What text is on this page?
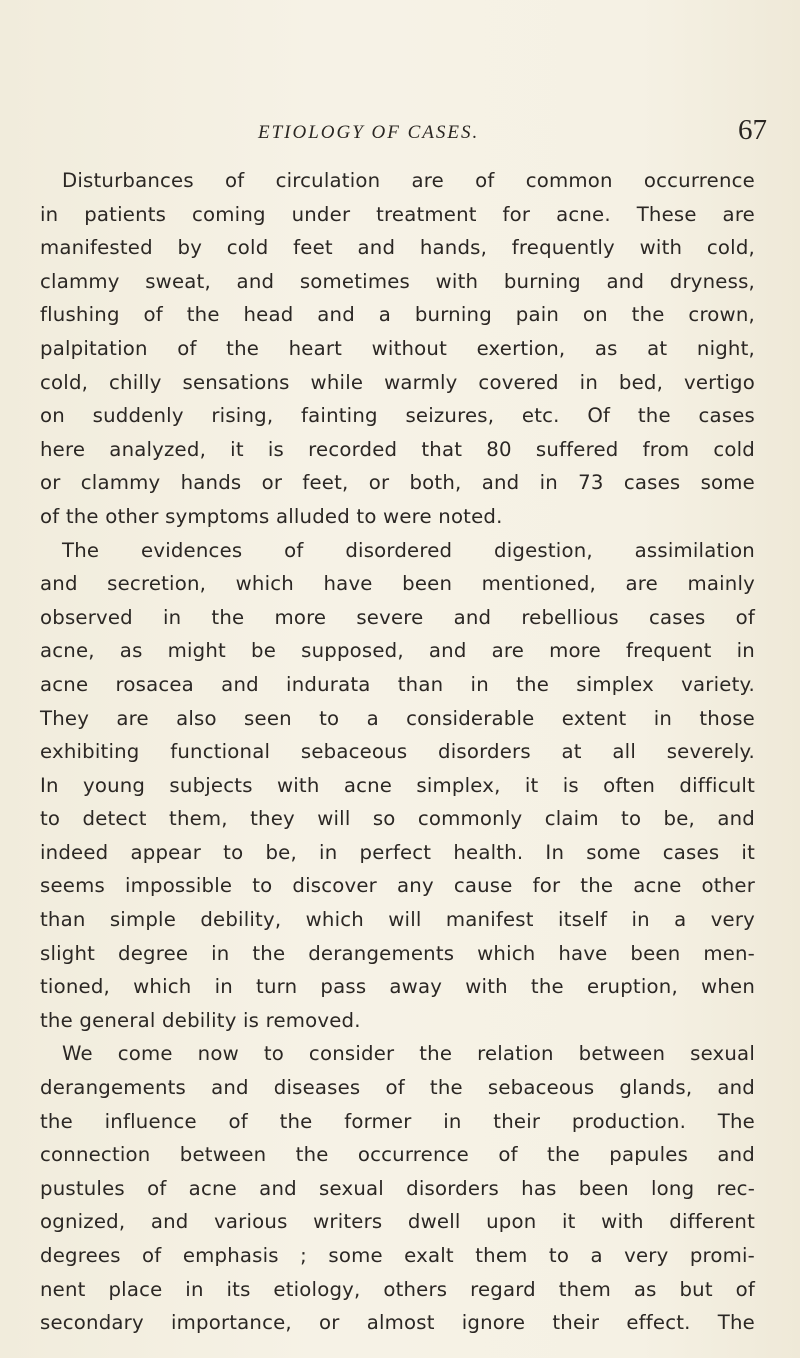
ETIOLOGY OF CASES.	67
Disturbances of circulation are of common occurrence
in patients coming under treatment for acne. These are
manifested by cold feet and hands, frequently with cold,
clammy sweat, and sometimes with burning and dryness,
flushing of the head and a burning pain on the crown,
palpitation of the heart without exertion, as at night,
cold, chilly sensations while warmly covered in bed, vertigo
on suddenly rising, fainting seizures, etc. Of the cases
here analyzed, it is recorded that 80 suffered from cold
or clammy hands or feet, or both, and in 73 cases some
of the other symptoms alluded to were noted.
The evidences of disordered digestion, assimilation
and secretion, which have been mentioned, are mainly
observed in the more severe and rebellious cases of
acne, as might be supposed, and are more frequent in
acne rosacea and indurata than in the simplex variety.
They are also seen to a considerable extent in those
exhibiting functional sebaceous disorders at all severely.
In young subjects with acne simplex, it is often difficult
to detect them, they will so commonly claim to be, and
indeed appear to be, in perfect health. In some cases it
seems impossible to discover any cause for the acne other
than simple debility, which will manifest itself in a very
slight degree in the derangements which have been men-
tioned, which in turn pass away with the eruption, when
the general debility is removed.
We come now to consider the relation between sexual
derangements and diseases of the sebaceous glands, and
the influence of the former in their production. The
connection between the occurrence of the papules and
pustules of acne and sexual disorders has been long rec-
ognized, and various writers dwell upon it with different
degrees of emphasis ; some exalt them to a very promi-
nent place in its etiology, others regard them as but of
secondary importance, or almost ignore their effect. The
